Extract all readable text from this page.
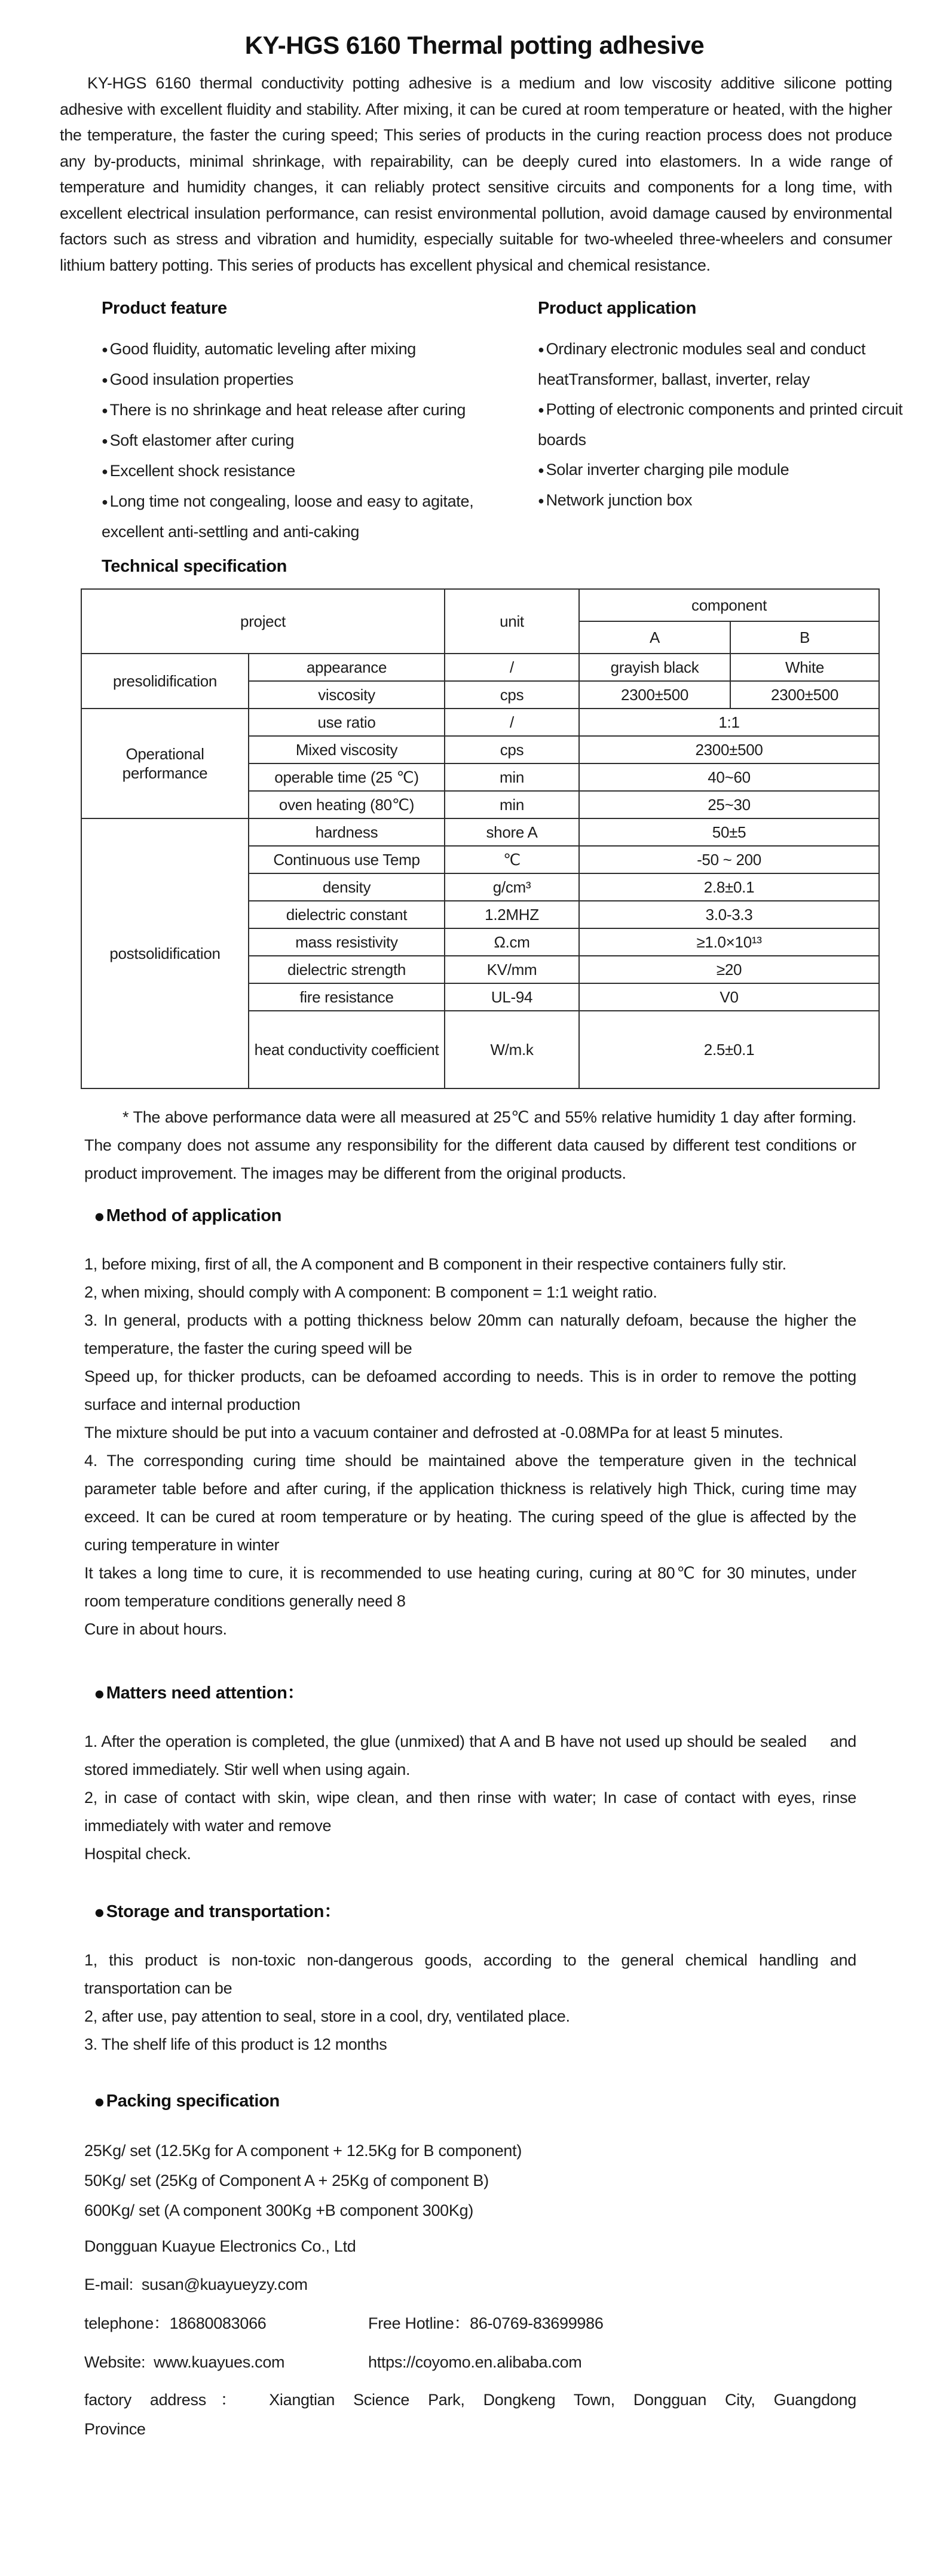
KY-HGS 6160 Thermal potting adhesive

KY-HGS 6160 thermal conductivity potting adhesive is a medium and low viscosity additive silicone potting adhesive with excellent fluidity and stability. After mixing, it can be cured at room temperature or heated, with the higher the temperature, the faster the curing speed; This series of products in the curing reaction process does not produce any by-products, minimal shrinkage, with repairability, can be deeply cured into elastomers. In a wide range of temperature and humidity changes, it can reliably protect sensitive circuits and components for a long time, with excellent electrical insulation performance, can resist environmental pollution, avoid damage caused by environmental factors such as stress and vibration and humidity, especially suitable for two-wheeled three-wheelers and consumer lithium battery potting. This series of products has excellent physical and chemical resistance.

Product feature
● Good fluidity, automatic leveling after mixing
● Good insulation properties
● There is no shrinkage and heat release after curing
● Soft elastomer after curing
● Excellent shock resistance
● Long time not congealing, loose and easy to agitate, excellent anti-settling and anti-caking
Product application
● Ordinary electronic modules seal and conduct heatTransformer, ballast, inverter, relay
● Potting of electronic components and printed circuit boards
● Solar inverter charging pile module
● Network junction box
Technical specification
project		unit	component	
			A	B
presolidification	appearance	/	grayish black	White
	viscosity	cps	2300±500	2300±500
Operational performance	use ratio	/	1:1	
	Mixed viscosity	cps	2300±500	
	operable time (25 ℃)	min	40~60	
	oven heating (80℃)	min	25~30	
postsolidification	hardness	shore A	50±5	
	Continuous use Temp	℃	-50 ~ 200	
	density	g/cm³	2.8±0.1	
	dielectric constant	1.2MHZ	3.0-3.3	
	mass resistivity	Ω.cm	≥1.0×10¹³	
	dielectric strength	KV/mm	≥20	
	fire resistance	UL-94	V0	
	heat conductivity coefficient	W/m.k	2.5±0.1	

* The above performance data were all measured at 25℃ and 55% relative humidity 1 day after forming. The company does not assume any responsibility for the different data caused by different test conditions or product improvement. The images may be different from the original products.

●Method of application

1, before mixing, first of all, the A component and B component in their respective containers fully stir.

2, when mixing, should comply with A component: B component = 1:1 weight ratio.

3. In general, products with a potting thickness below 20mm can naturally defoam, because the higher the temperature, the faster the curing speed will be

Speed up, for thicker products, can be defoamed according to needs. This is in order to remove the potting surface and internal production

The mixture should be put into a vacuum container and defrosted at -0.08MPa for at least 5 minutes.

4. The corresponding curing time should be maintained above the temperature given in the technical parameter table before and after curing, if the application thickness is relatively high Thick, curing time may exceed. It can be cured at room temperature or by heating. The curing speed of the glue is affected by the curing temperature in winter

It takes a long time to cure, it is recommended to use heating curing, curing at 80℃ for 30 minutes, under room temperature conditions generally need 8

Cure in about hours.

●Matters need attention：

1. After the operation is completed, the glue (unmixed) that A and B have not used up should be sealed     and stored immediately. Stir well when using again.

2, in case of contact with skin, wipe clean, and then rinse with water; In case of contact with eyes, rinse immediately with water and remove

Hospital check.

●Storage and transportation：

1, this product is non-toxic non-dangerous goods, according to the general chemical handling and transportation can be

2, after use, pay attention to seal, store in a cool, dry, ventilated place.

3. The shelf life of this product is 12 months

●Packing specification
25Kg/ set (12.5Kg for A component + 12.5Kg for B component)
50Kg/ set (25Kg of Component A + 25Kg of component B)
600Kg/ set (A component 300Kg +B component 300Kg)
Dongguan Kuayue Electronics Co., Ltd
E-mail: susan@kuayueyzy.com
telephone：18680083066	Free Hotline：86-0769-83699986
Website: www.kuayues.com	https://coyomo.en.alibaba.com
factory address： Xiangtian Science Park, Dongkeng Town, Dongguan City, Guangdong
Province
